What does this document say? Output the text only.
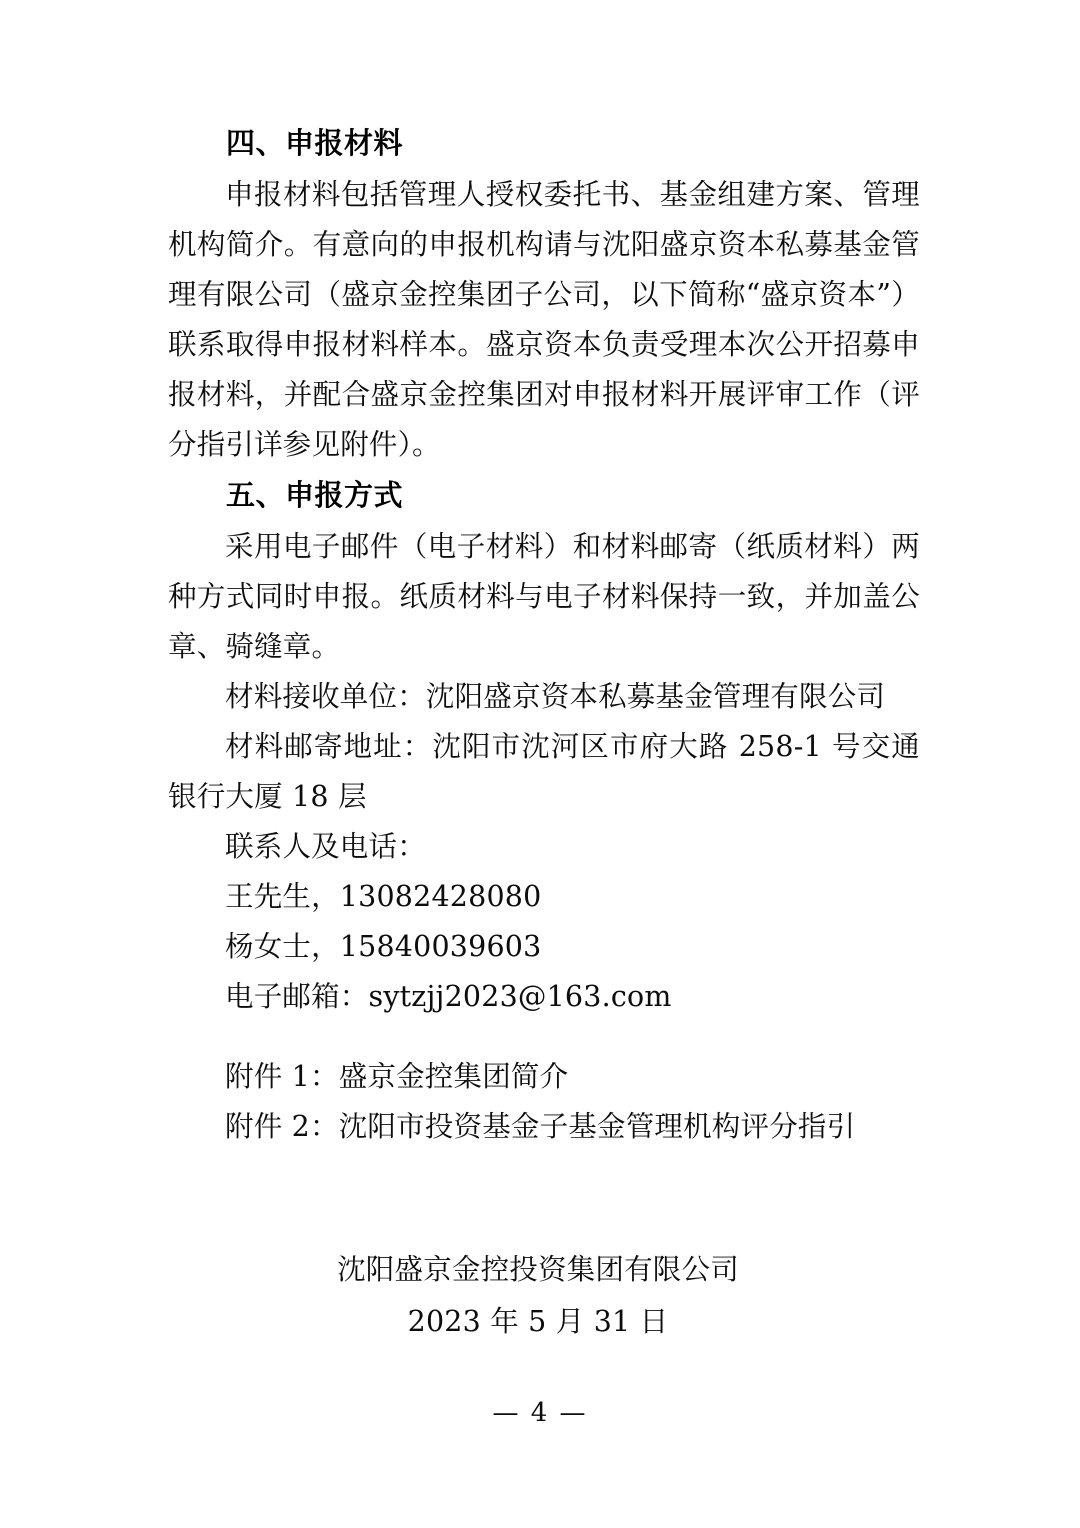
四、申报材料

申报材料包括管理人授权委托书、基金组建方案、管理机构简介。有意向的申报机构请与沈阳盛京资本私募基金管理有限公司（盛京金控集团子公司，以下简称“盛京资本”）联系取得申报材料样本。盛京资本负责受理本次公开招募申报材料，并配合盛京金控集团对申报材料开展评审工作（评分指引详参见附件）。

五、申报方式

采用电子邮件（电子材料）和材料邮寄（纸质材料）两种方式同时申报。纸质材料与电子材料保持一致，并加盖公章、骑缝章。

材料接收单位：沈阳盛京资本私募基金管理有限公司

材料邮寄地址：沈阳市沈河区市府大路 258-1 号交通银行大厦 18 层

联系人及电话：

王先生，13082428080

杨女士，15840039603

电子邮箱：sytzjj2023@163.com

附件 1：盛京金控集团简介

附件 2：沈阳市投资基金子基金管理机构评分指引

沈阳盛京金控投资集团有限公司
2023 年 5 月 31 日
— 4 —
